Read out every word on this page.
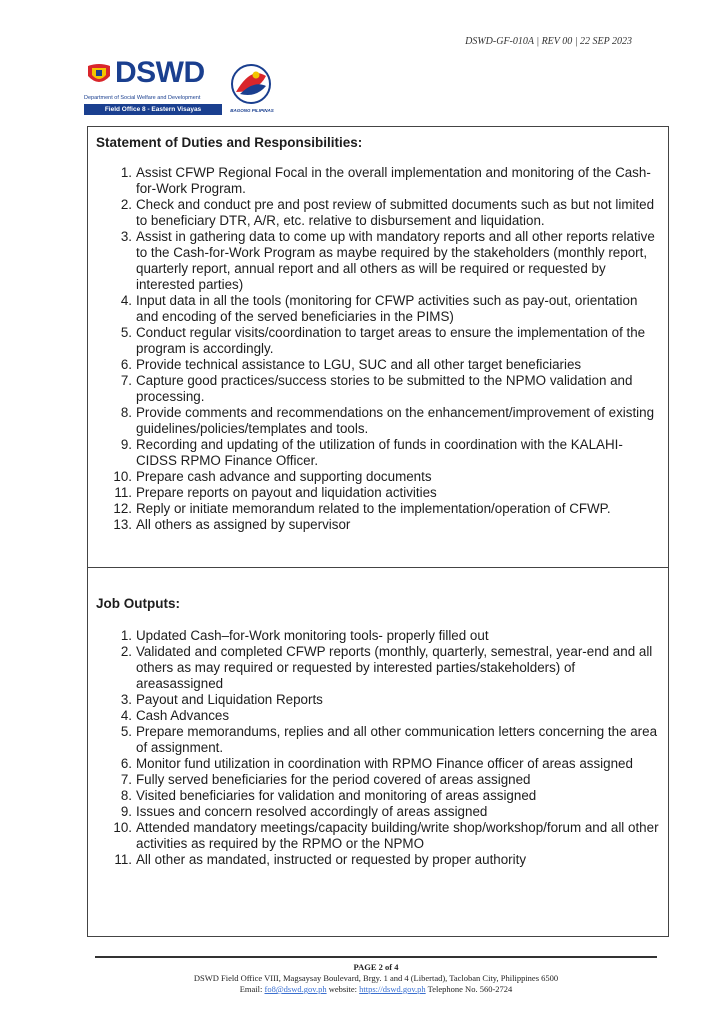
DSWD-GF-010A | REV 00 | 22 SEP 2023
DSWD
Department of Social Welfare and Development
Field Office 8 - Eastern Visayas	BAGONG PILIPINAS
Statement of Duties and Responsibilities:
1. Assist CFWP Regional Focal in the overall implementation and monitoring of the Cash-for-Work Program.
2. Check and conduct pre and post review of submitted documents such as but not limited to beneficiary DTR, A/R, etc. relative to disbursement and liquidation.
3. Assist in gathering data to come up with mandatory reports and all other reports relative to the Cash-for-Work Program as maybe required by the stakeholders (monthly report, quarterly report, annual report and all others as will be required or requested by interested parties)
4. Input data in all the tools (monitoring for CFWP activities such as pay-out, orientation and encoding of the served beneficiaries in the PIMS)
5. Conduct regular visits/coordination to target areas to ensure the implementation of the program is accordingly.
6. Provide technical assistance to LGU, SUC and all other target beneficiaries
7. Capture good practices/success stories to be submitted to the NPMO validation and processing.
8. Provide comments and recommendations on the enhancement/improvement of existing guidelines/policies/templates and tools.
9. Recording and updating of the utilization of funds in coordination with the KALAHI-CIDSS RPMO Finance Officer.
10. Prepare cash advance and supporting documents
11. Prepare reports on payout and liquidation activities
12. Reply or initiate memorandum related to the implementation/operation of CFWP.
13. All others as assigned by supervisor
Job Outputs:
1. Updated Cash–for-Work monitoring tools- properly filled out
2. Validated and completed CFWP reports (monthly, quarterly, semestral, year-end and all others as may required or requested by interested parties/stakeholders) of areasassigned
3. Payout and Liquidation Reports
4. Cash Advances
5. Prepare memorandums, replies and all other communication letters concerning the area of assignment.
6. Monitor fund utilization in coordination with RPMO Finance officer of areas assigned
7. Fully served beneficiaries for the period covered of areas assigned
8. Visited beneficiaries for validation and monitoring of areas assigned
9. Issues and concern resolved accordingly of areas assigned
10. Attended mandatory meetings/capacity building/write shop/workshop/forum and all other activities as required by the RPMO or the NPMO
11. All other as mandated, instructed or requested by proper authority
PAGE 2 of 4
DSWD Field Office VIII, Magsaysay Boulevard, Brgy. 1 and 4 (Libertad), Tacloban City, Philippines 6500
Email: fo8@dswd.gov.ph website: https://dswd.gov.ph Telephone No. 560-2724
